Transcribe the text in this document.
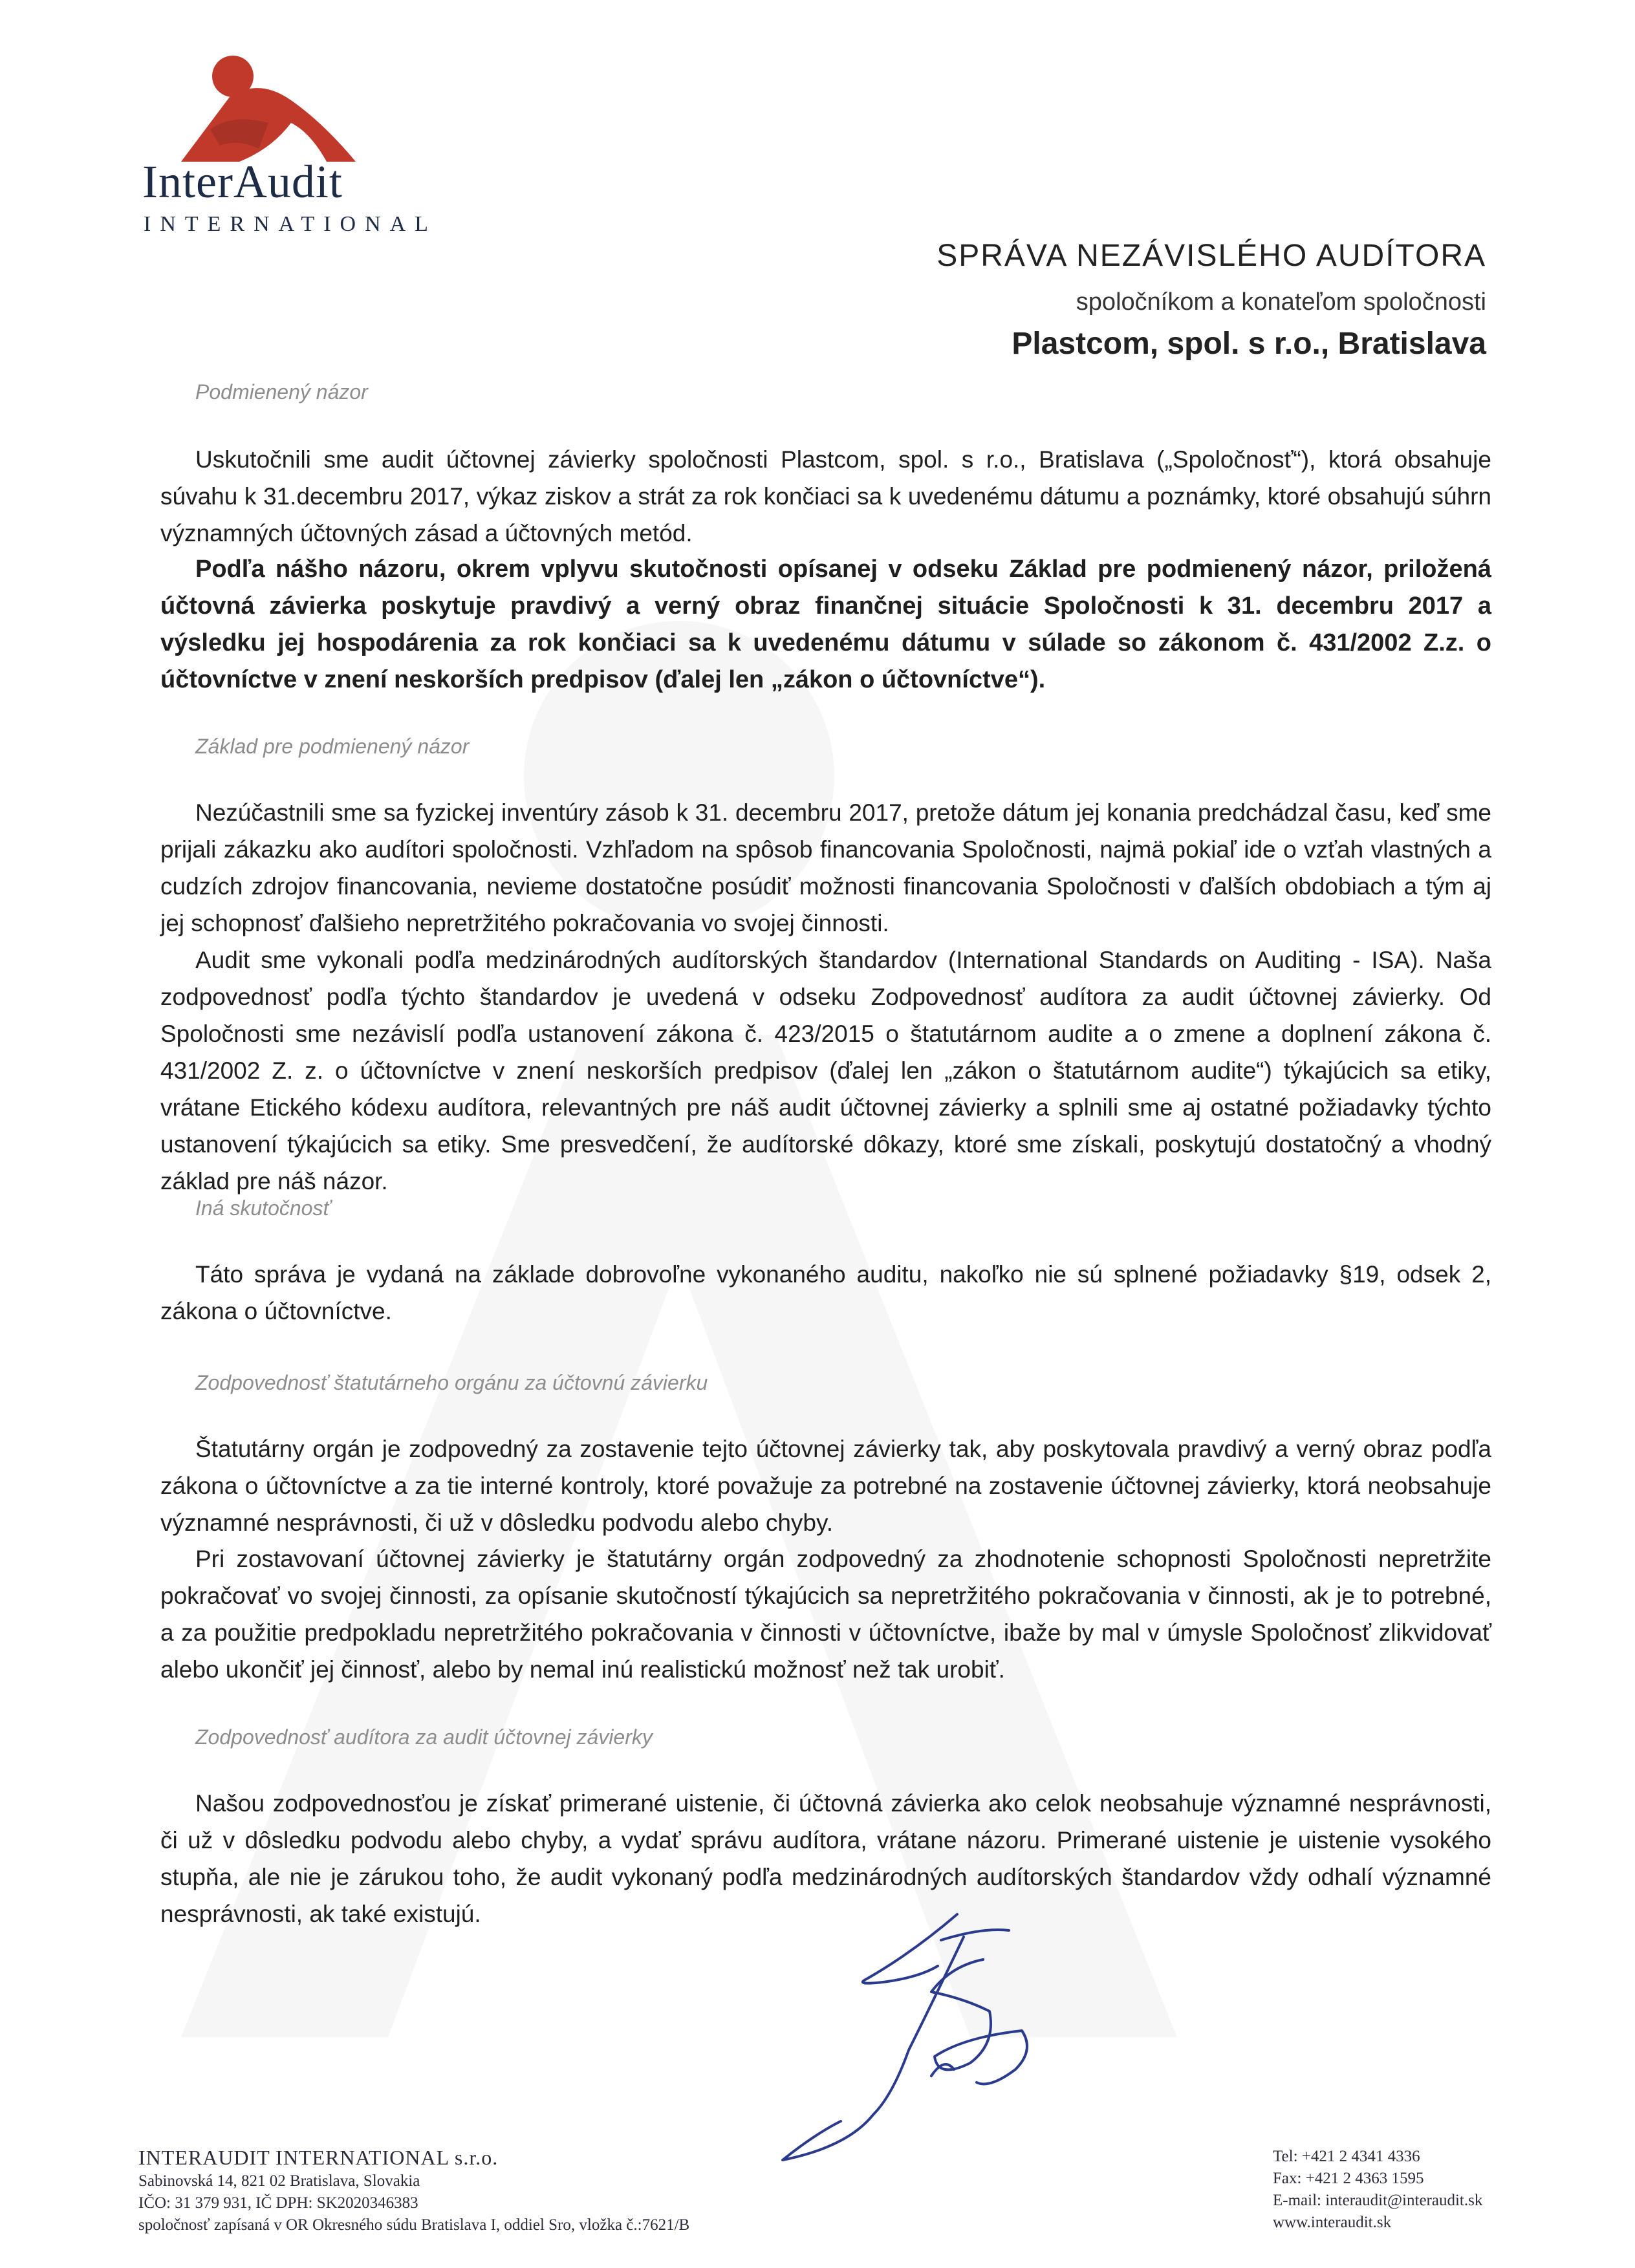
InterAudit
INTERNATIONAL
SPRÁVA NEZÁVISLÉHO AUDÍTORA
spoločníkom a konateľom spoločnosti
Plastcom, spol. s r.o., Bratislava
Podmienený názor
Uskutočnili sme audit účtovnej závierky spoločnosti Plastcom, spol. s r.o., Bratislava („Spoločnosť“), ktorá obsahuje súvahu k 31.decembru 2017, výkaz ziskov a strát za rok končiaci sa k uvedenému dátumu a poznámky, ktoré obsahujú súhrn významných účtovných zásad a účtovných metód.
Podľa nášho názoru, okrem vplyvu skutočnosti opísanej v odseku Základ pre podmienený názor, priložená účtovná závierka poskytuje pravdivý a verný obraz finančnej situácie Spoločnosti k 31. decembru 2017 a výsledku jej hospodárenia za rok končiaci sa k uvedenému dátumu v súlade so zákonom č. 431/2002 Z.z. o účtovníctve v znení neskorších predpisov (ďalej len „zákon o účtovníctve“).
Základ pre podmienený názor
Nezúčastnili sme sa fyzickej inventúry zásob k 31. decembru 2017, pretože dátum jej konania predchádzal času, keď sme prijali zákazku ako audítori spoločnosti. Vzhľadom na spôsob financovania Spoločnosti, najmä pokiaľ ide o vzťah vlastných a cudzích zdrojov financovania, nevieme dostatočne posúdiť možnosti financovania Spoločnosti v ďalších obdobiach a tým aj jej schopnosť ďalšieho nepretržitého pokračovania vo svojej činnosti.
Audit sme vykonali podľa medzinárodných audítorských štandardov (International Standards on Auditing - ISA). Naša zodpovednosť podľa týchto štandardov je uvedená v odseku Zodpovednosť audítora za audit účtovnej závierky. Od Spoločnosti sme nezávislí podľa ustanovení zákona č. 423/2015 o štatutárnom audite a o zmene a doplnení zákona č. 431/2002 Z. z. o účtovníctve v znení neskorších predpisov (ďalej len „zákon o štatutárnom audite“) týkajúcich sa etiky, vrátane Etického kódexu audítora, relevantných pre náš audit účtovnej závierky a splnili sme aj ostatné požiadavky týchto ustanovení týkajúcich sa etiky. Sme presvedčení, že audítorské dôkazy, ktoré sme získali, poskytujú dostatočný a vhodný základ pre náš názor.
Iná skutočnosť
Táto správa je vydaná na základe dobrovoľne vykonaného auditu, nakoľko nie sú splnené požiadavky §19, odsek 2, zákona o účtovníctve.
Zodpovednosť štatutárneho orgánu za účtovnú závierku
Štatutárny orgán je zodpovedný za zostavenie tejto účtovnej závierky tak, aby poskytovala pravdivý a verný obraz podľa zákona o účtovníctve a za tie interné kontroly, ktoré považuje za potrebné na zostavenie účtovnej závierky, ktorá neobsahuje významné nesprávnosti, či už v dôsledku podvodu alebo chyby.
Pri zostavovaní účtovnej závierky je štatutárny orgán zodpovedný za zhodnotenie schopnosti Spoločnosti nepretržite pokračovať vo svojej činnosti, za opísanie skutočností týkajúcich sa nepretržitého pokračovania v činnosti, ak je to potrebné, a za použitie predpokladu nepretržitého pokračovania v činnosti v účtovníctve, ibaže by mal v úmysle Spoločnosť zlikvidovať alebo ukončiť jej činnosť, alebo by nemal inú realistickú možnosť než tak urobiť.
Zodpovednosť audítora za audit účtovnej závierky
Našou zodpovednosťou je získať primerané uistenie, či účtovná závierka ako celok neobsahuje významné nesprávnosti, či už v dôsledku podvodu alebo chyby, a vydať správu audítora, vrátane názoru. Primerané uistenie je uistenie vysokého stupňa, ale nie je zárukou toho, že audit vykonaný podľa medzinárodných audítorských štandardov vždy odhalí významné nesprávnosti, ak také existujú.
INTERAUDIT INTERNATIONAL s.r.o.
Sabinovská 14, 821 02 Bratislava, Slovakia
IČO: 31 379 931, IČ DPH: SK2020346383
spoločnosť zapísaná v OR Okresného súdu Bratislava I, oddiel Sro, vložka č.:7621/B
Tel: +421 2 4341 4336
Fax: +421 2 4363 1595
E-mail: interaudit@interaudit.sk
www.interaudit.sk
